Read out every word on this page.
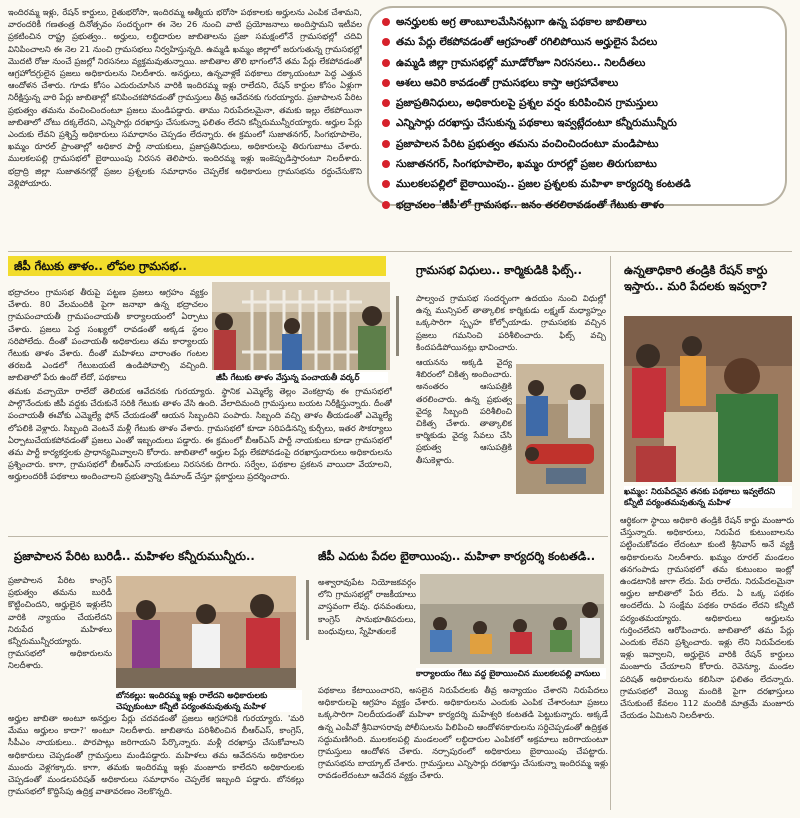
ఇందిరమ్మ ఇళ్లు, రేషన్ కార్డులు, రైతుభరోసా, ఇందిరమ్మ ఆత్మీయ భరోసా పథకాలకు అర్హులను ఎంపిక చేశామని, వారందరికీ గణతంత్ర దినోత్సవం సందర్భంగా ఈ నెల 26 నుంచి వాటి ప్రయోజనాలు అందిస్తామని ఇటీవల ప్రకటించిన రాష్ట్ర ప్రభుత్వం.. అర్హులు, లబ్ధిదారుల జాబితాలను ప్రజా సమక్షంలోనే గ్రామసభల్లో చదివి వినిపించాలని ఈ నెల 21 నుంచి గ్రామసభలు నిర్వహిస్తున్నది. ఉమ్మడి ఖమ్మం జిల్లాలో జరుగుతున్న గ్రామసభల్లో మొదటి రోజు నుంచే ప్రజల్లో నిరసనలు వ్యక్తమవుతున్నాయి. జాబితాల తొలి భాగంలోనే తమ పేర్లు లేకపోవడంతో ఆగ్రహోదగ్రులైన ప్రజలు అధికారులను నిలదీశారు. అనర్హులు, ఉన్నవాళ్లకే పథకాలు దక్కాయంటూ పెద్ద ఎత్తున ఆందోళన చేశారు. గూడు కోసం ఎదురుచూసిన వారికి ఇందిరమ్మ ఇళ్లు రాలేదని, రేషన్ కార్డుల కోసం ఏళ్లుగా నిరీక్షిస్తున్న వారి పేర్లు జాబితాల్లో కనిపించకపోవడంతో గ్రామస్తులు తీవ్ర ఆవేదనకు గురయ్యారు. ప్రజాపాలన పేరిట ప్రభుత్వం తమను వంచించిందంటూ ప్రజలు మండిపడ్డారు. తాము నిరుపేదలమైనా, తమకు ఇల్లు లేకపోయినా జాబితాలో చోటు దక్కలేదని, ఎన్నిసార్లు దరఖాస్తు చేసుకున్నా ఫలితం లేదని కన్నీరుమున్నీరయ్యారు. అర్హుల పేర్లు ఎందుకు లేవని ప్రశ్నిస్తే అధికారులు సమాధానం చెప్పడం లేదన్నారు. ఈ క్రమంలో సుజాతనగర్, సింగభూపాలెం, ఖమ్మం రూరల్ ప్రాంతాల్లో అధికార పార్టీ నాయకులు, ప్రజాప్రతినిధులు, అధికారులపై తిరుగుబాటు చేశారు. ములకలపల్లి గ్రామసభలో బైఠాయింపు నిరసన తెలిపారు. ఇందిరమ్మ ఇళ్లు ఇంకెప్పుడిస్తారంటూ నిలదీశారు. భద్రాద్రి జిల్లా సుజాతనగర్లో ప్రజల ప్రశ్నలకు సమాధానం చెప్పలేక అధికారులు గ్రామసభను రద్దుచేసుకొని వెళ్లిపోయారు.
అనర్హులకు అగ్ర తాంబూలమేసినట్లుగా ఉన్న పథకాల జాబితాలు
తమ పేర్లు లేకపోవడంతో ఆగ్రహంతో రగిలిపోయిన అర్హులైన పేదలు
ఉమ్మడి జిల్లా గ్రామసభల్లో మూడోరోజూ నిరసనలు.. నిలదీతలు
ఆశలు ఆవిరి కావడంతో గ్రామసభలు కాస్తా ఆగ్రహావేశాలు
ప్రజాప్రతినిధులు, అధికారులపై ప్రశ్నల వర్షం కురిపించిన గ్రామస్తులు
ఎన్నిసార్లు దరఖాస్తు చేసుకున్న పథకాలు ఇవ్వట్లేదంటూ కన్నీరుమున్నీరు
ప్రజాపాలన పేరిట ప్రభుత్వం తమను వంచించిందంటూ మండిపాటు
సుజాతనగర్, సింగభూపాలెం, ఖమ్మం రూరల్లో ప్రజల తిరుగుబాటు
ములకలపల్లిలో బైఠాయింపు.. ప్రజల ప్రశ్నలకు మహిళా కార్యదర్శి కంటతడి
భద్రాచలం 'జీపీ'లో గ్రామసభ.. జనం తరలిరావడంతో గేటుకు తాళం
జీపీ గేటుకు తాళం.. లోపల గ్రామసభ..
భద్రాచలం గ్రామసభ తీరుపై పట్టణ ప్రజలు ఆగ్రహం వ్యక్తం చేశారు. 80 వేలమందికి పైగా జనాభా ఉన్న భద్రాచలం గ్రామపంచాయతీ గ్రామపంచాయతీ కార్యాలయంలో ఏర్పాటు చేశారు. ప్రజలు పెద్ద సంఖ్యలో రావడంతో అక్కడ స్థలం సరిపోలేదు. దీంతో పంచాయతీ అధికారులు తమ కార్యాలయ గేటుకు తాళం వేశారు. దీంతో మహిళలు వారాంతం గంటల తరబడి ఎండలో గేటుబయటే ఉండిపోవాల్సి వచ్చింది. జాబితాలో పేరు ఉందో లేదో, పథకాలు	జీపీ గేటుకు తాళం వేస్తున్న పంచాయతీ వర్కర్
తమకు వచ్చాయో రాలేదో తెలియక ఆవేదనకు గురయ్యారు. స్థానిక ఎమ్మెల్యే తెల్లం వెంకట్రావు ఈ గ్రామసభలో పాల్గొనేందుకు జీపీ వద్దకు చేరుకునే సరికి గేటుకు తాళం వేసి ఉంది. వేలాదిమంది గ్రామస్తులు బయట నిరీక్షిస్తున్నారు. దీంతో పంచాయతీ ఈవోకు ఎమ్మెల్యే ఫోన్ చేయడంతో ఆయన సిబ్బందిని పంపారు. సిబ్బంది వచ్చి తాళం తీయడంతో ఎమ్మెల్యే లోపలికి వెళ్లారు. సిబ్బంది వెంటనే మళ్లీ గేటుకు తాళం వేశారు. గ్రామసభలో కూడా సరిపడినన్ని కుర్చీలు, ఇతర సౌకర్యాలు ఏర్పాటుచేయకపోవడంతో ప్రజలు ఎంతో ఇబ్బందులు పడ్డారు. ఈ క్రమంలో బీఆర్ఎస్ పార్టీ నాయకులు కూడా గ్రామసభలో తమ పార్టీ కార్యకర్తలకు ప్రాధాన్యమివ్వాలని కోరారు. జాబితాలో అర్హుల పేర్లు లేకపోవడంపై దరఖాస్తుదారులు అధికారులను ప్రశ్నించారు. కాగా, గ్రామసభలో బీఆర్ఎస్ నాయకులు నిరసనకు దిగారు. సర్వేల, పథకాల ప్రకటన వాయిదా వేయాలని, అర్హులందరికీ పథకాలు అందించాలని ప్రభుత్వాన్ని డిమాండ్ చేస్తూ ప్లకార్డులు ప్రదర్శించారు.
గ్రామసభ విధులు.. కార్మికుడికి ఫిట్స్..
పాల్వంచ గ్రామసభ సందర్భంగా ఉదయం నుంచి విధుల్లో ఉన్న మున్సిపల్ తాత్కాలిక కార్మికుడు లక్ష్మణ్ మధ్యాహ్నం ఒక్కసారిగా స్పృహ కోల్పోయాడు. గ్రామసభకు వచ్చిన ప్రజలు గమనించి పరిశీలించారు. ఫిట్స్ వచ్చి కిందపడిపోయినట్లు భావించారు.
ఆయనను అక్కడి వైద్య శిబిరంలో చికిత్స అందించారు. అనంతరం ఆసుపత్రికి తరలించారు. ఉన్న ప్రభుత్వ వైద్య సిబ్బంది పరిశీలించి చికిత్స చేశారు. తాత్కాలిక కార్మికుడు వైద్య సేవలు చేసి ప్రభుత్వ ఆసుపత్రికి తీసుకెళ్లారు.
ఉన్నతాధికారి తండ్రికి రేషన్ కార్డు ఇస్తారు.. మరి పేదలకు ఇవ్వరా?
ఖమ్మం: నిరుపేదనైన తనకు పథకాలు ఇవ్వలేదని కన్నీటి పర్యంతమవుతున్న మహిళ
ఆర్థికంగా స్థాయి అధికారి తండ్రికి రేషన్ కార్డు మంజూరు చేస్తున్నారు. అధికారులు, నిరుపేద కుటుంబాలను పట్టించుకోవడం లేదంటూ కుంటి శ్రీనివాస్ అనే వ్యక్తి అధికారులను నిలదీశారు. ఖమ్మం రూరల్ మండలం తనగంపాడు గ్రామసభలో తమ కుటుంబం ఇంట్లో ఉండటానికి జాగా లేదు. పేరు రాలేదు. నిరుపేదలమైనా అర్హుల జాబితాలో పేరు లేదు. ఏ ఒక్క పథకం అందలేదు. ఏ సంక్షేమ పథకం రావడం లేదని కన్నీటి పర్యంతమయ్యారు. అధికారులు అర్హులను గుర్తించలేదని ఆరోపించారు. జాబితాలో తమ పేర్లు ఎందుకు లేవని ప్రశ్నించారు. ఇళ్లు లేని నిరుపేదలకు ఇళ్లు ఇవ్వాలని, అర్హులైన వారికి రేషన్ కార్డులు మంజూరు చేయాలని కోరారు. రెవెన్యూ, మండల పరిషత్ అధికారులను కలిసినా ఫలితం లేదన్నారు. గ్రామసభలో వెయ్యి మందికి పైగా దరఖాస్తులు చేసుకుంటే కేవలం 112 మందికి మాత్రమే మంజూరు చేయడం ఏమిటని నిలదీశారు.
ప్రజాపాలన పేరిట బురిడీ.. మహిళల కన్నీరుమున్నీరు..
ప్రజాపాలన పేరిట కాంగ్రెస్ ప్రభుత్వం తమను బురిడీ కొట్టించిందని, అర్హులైన ఇళ్లులేని వారికి న్యాయం చేయలేదని నిరుపేద మహిళలు కన్నీరుమున్నీరయ్యారు. గ్రామసభలో అధికారులను నిలదీశారు.
బోనకల్లు: ఇందిరమ్మ ఇళ్లు రాలేదని అధికారులకు చెప్పుకుంటూ కన్నీటి పర్యంతమవుతున్న మహిళ
అర్హుల జాబితా అంటూ అనర్హుల పేర్లు చదవడంతో ప్రజలు ఆగ్రహానికి గురయ్యారు. 'మరి మేము అర్హులం కాదా?' అంటూ నిలదీశారు. జాబితాను పరిశీలించిన బీఆర్ఎస్, కాంగ్రెస్, సీపీఎం నాయకులు.. పొరపాట్లు జరిగాయని పేర్కొన్నారు. మళ్లీ దరఖాస్తు చేసుకోవాలని అధికారులు చెప్పడంతో గ్రామస్తులు మండిపడ్డారు. మహిళలు తమ ఆవేదనను అధికారుల ముందు వెళ్లగక్కారు. కాగా, తమకు ఇందిరమ్మ ఇళ్లు మంజూరు కాలేదని అధికారులకు చెప్పడంతో మండలపరిషత్ అధికారులు సమాధానం చెప్పలేక ఇబ్బంది పడ్డారు. బోనకల్లు గ్రామసభలో కొద్దిసేపు ఉద్రిక్త వాతావరణం నెలకొన్నది.
జీపీ ఎదుట పేదల బైఠాయింపు.. మహిళా కార్యదర్శి కంటతడి..
కార్యాలయం గేటు వద్ద బైఠాయించిన ములకలపల్లి వాసులు
అశ్వారావుపేట నియోజకవర్గం లోని గ్రామసభల్లో రాజకీయాలు వాస్తవంగా లేవు. ధనవంతులు, కాంగ్రెస్ సానుభూతిపరులు, బంధువులు, స్నేహితులకే
పథకాలు కేటాయించారని, అసలైన నిరుపేదలకు తీవ్ర అన్యాయం చేశారని నిరుపేదలు అధికారులపై ఆగ్రహం వ్యక్తం చేశారు. అధికారులను ఎందుకు ఎంపిక చేశారంటూ ప్రజలు ఒక్కసారిగా నిలదీయడంతో మహిళా కార్యదర్శి మహేశ్వరి కంటతడి పెట్టుకున్నారు. అక్కడే ఉన్న ఎంపీవో శ్రీనివాసరావు పోలీసులను పిలిపించి ఆందోళనకారులను సర్దిచెప్పడంతో ఉద్రిక్తత సద్దుమణిగింది. ములకలపల్లి మండలంలో లబ్ధిదారుల ఎంపికలో అక్రమాలు జరిగాయంటూ గ్రామస్తులు ఆందోళన చేశారు. నర్సాపురంలో అధికారులు బైఠాయింపు చేపట్టారు. గ్రామసభను బాయ్కాట్ చేశారు. గ్రామస్తులు ఎన్నిసార్లు దరఖాస్తు చేసుకున్నా ఇందిరమ్మ ఇళ్లు రావడంలేదంటూ ఆవేదన వ్యక్తం చేశారు.
